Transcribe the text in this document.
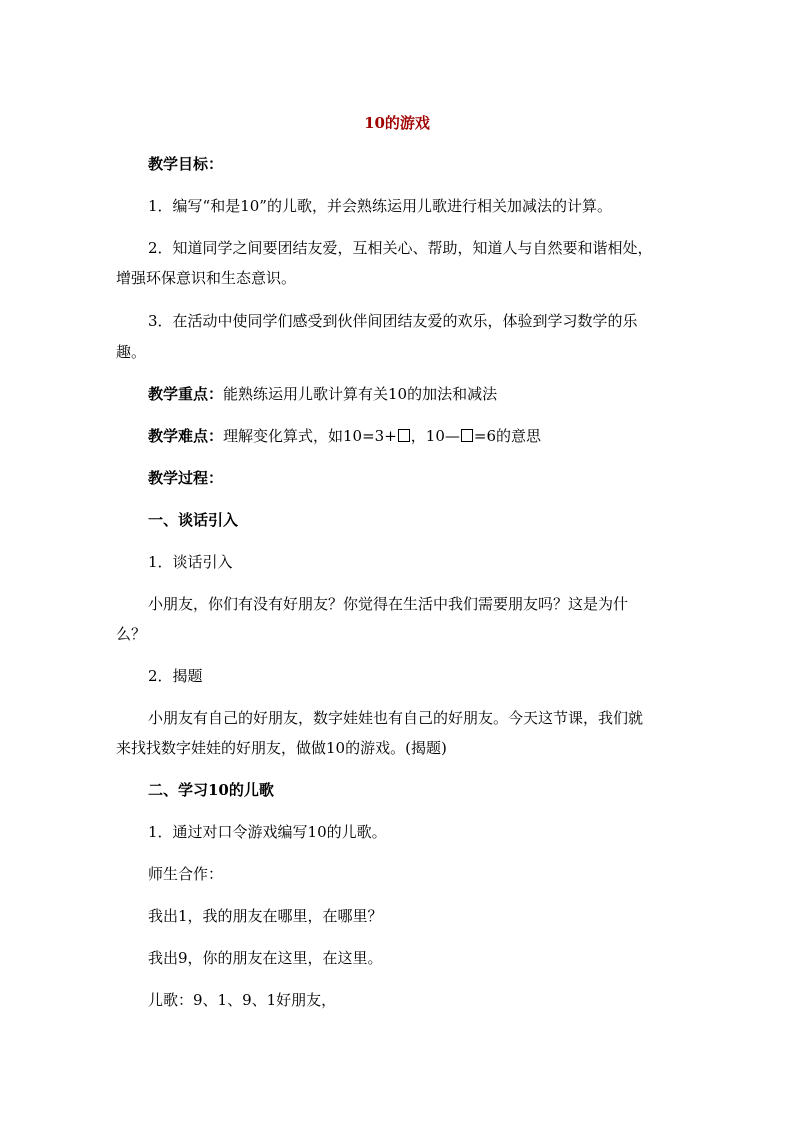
10的游戏
教学目标：
1．编写“和是10”的儿歌，并会熟练运用儿歌进行相关加减法的计算。
2．知道同学之间要团结友爱，互相关心、帮助，知道人与自然要和谐相处，
增强环保意识和生态意识。
3．在活动中使同学们感受到伙伴间团结友爱的欢乐，体验到学习数学的乐
趣。
教学重点：能熟练运用儿歌计算有关10的加法和减法
教学难点：理解变化算式，如10=3+ ，10— =6的意思
教学过程：
一、谈话引入
1．谈话引入
小朋友，你们有没有好朋友？你觉得在生活中我们需要朋友吗？这是为什
么？
2．揭题
小朋友有自己的好朋友，数字娃娃也有自己的好朋友。今天这节课，我们就
来找找数字娃娃的好朋友，做做10的游戏。(揭题)
二、学习10的儿歌
1．通过对口令游戏编写10的儿歌。
师生合作：
我出1，我的朋友在哪里，在哪里？
我出9，你的朋友在这里，在这里。
儿歌：9、1、9、1好朋友，
